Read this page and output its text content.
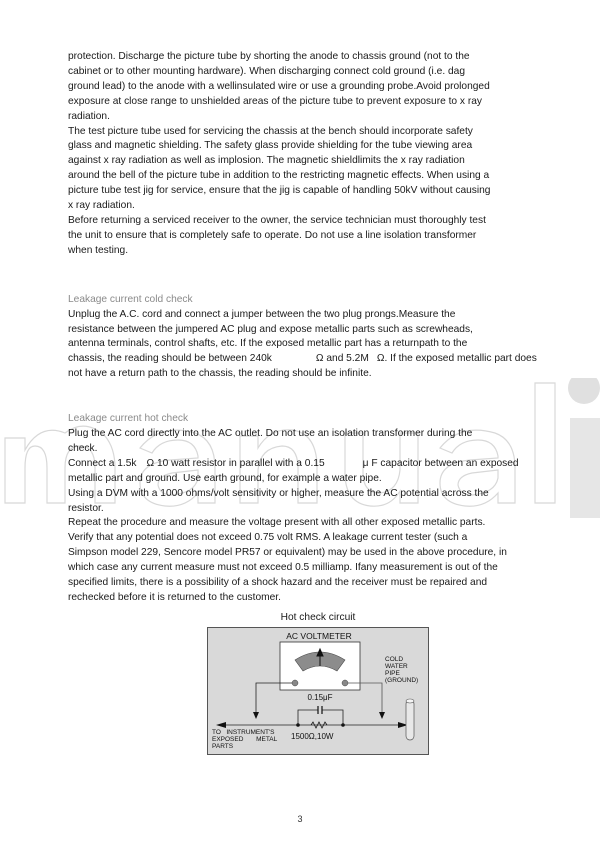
protection. Discharge the picture tube by shorting the anode to chassis ground (not to the
cabinet or to other mounting hardware). When discharging connect cold ground (i.e. dag
ground lead) to the anode with a wellinsulated wire or use a grounding probe.Avoid prolonged
exposure at close range to unshielded areas of the picture tube to prevent exposure to x ray
radiation.
The test picture tube used for servicing the chassis at the bench should incorporate safety
glass and magnetic shielding. The safety glass provide shielding for the tube viewing area
against x ray radiation as well as implosion. The magnetic shieldlimits the x ray radiation
around the bell of the picture tube in addition to the restricting magnetic effects. When using a
picture tube test jig for service, ensure that the jig is capable of handling 50kV without causing
x ray radiation.
Before returning a serviced receiver to the owner, the service technician must thoroughly test
the unit to ensure that is completely safe to operate. Do not use a line isolation transformer
when testing.

Leakage current cold check

Unplug the A.C. cord and connect a jumper between the two plug prongs.Measure the
resistance between the jumpered AC plug and expose metallic parts such as screwheads,
antenna terminals, control shafts, etc. If the exposed metallic part has a returnpath to the
chassis, the reading should be between 240k	Ω and 5.2M Ω. If the exposed metallic part does
not have a return path to the chassis, the reading should be infinite.

Leakage current hot check

Plug the AC cord directly into the AC outlet. Do not use an isolation transformer during the
check.
Connect a 1.5k Ω 10 watt resistor in parallel with a 0.15	μ F capacitor between an exposed
metallic part and ground. Use earth ground, for example a water pipe.
Using a DVM with a 1000 ohms/volt sensitivity or higher, measure the AC potential across the
resistor.
Repeat the procedure and measure the voltage present with all other exposed metallic parts.
Verify that any potential does not exceed 0.75 volt RMS. A leakage current tester (such a
Simpson model 229, Sencore model PR57 or equivalent) may be used in the above procedure, in
which case any current measure must not exceed 0.5 milliamp. Ifany measurement is out of the
specified limits, there is a possibility of a shock hazard and the receiver must be repaired and
rechecked before it is returned to the customer.
Hot check circuit
AC VOLTMETER
0.15μF
1500Ω,10W
TO   INSTRUMENT'S
EXPOSED       METAL
PARTS
COLD
WATER
PIPE
(GROUND)
3
